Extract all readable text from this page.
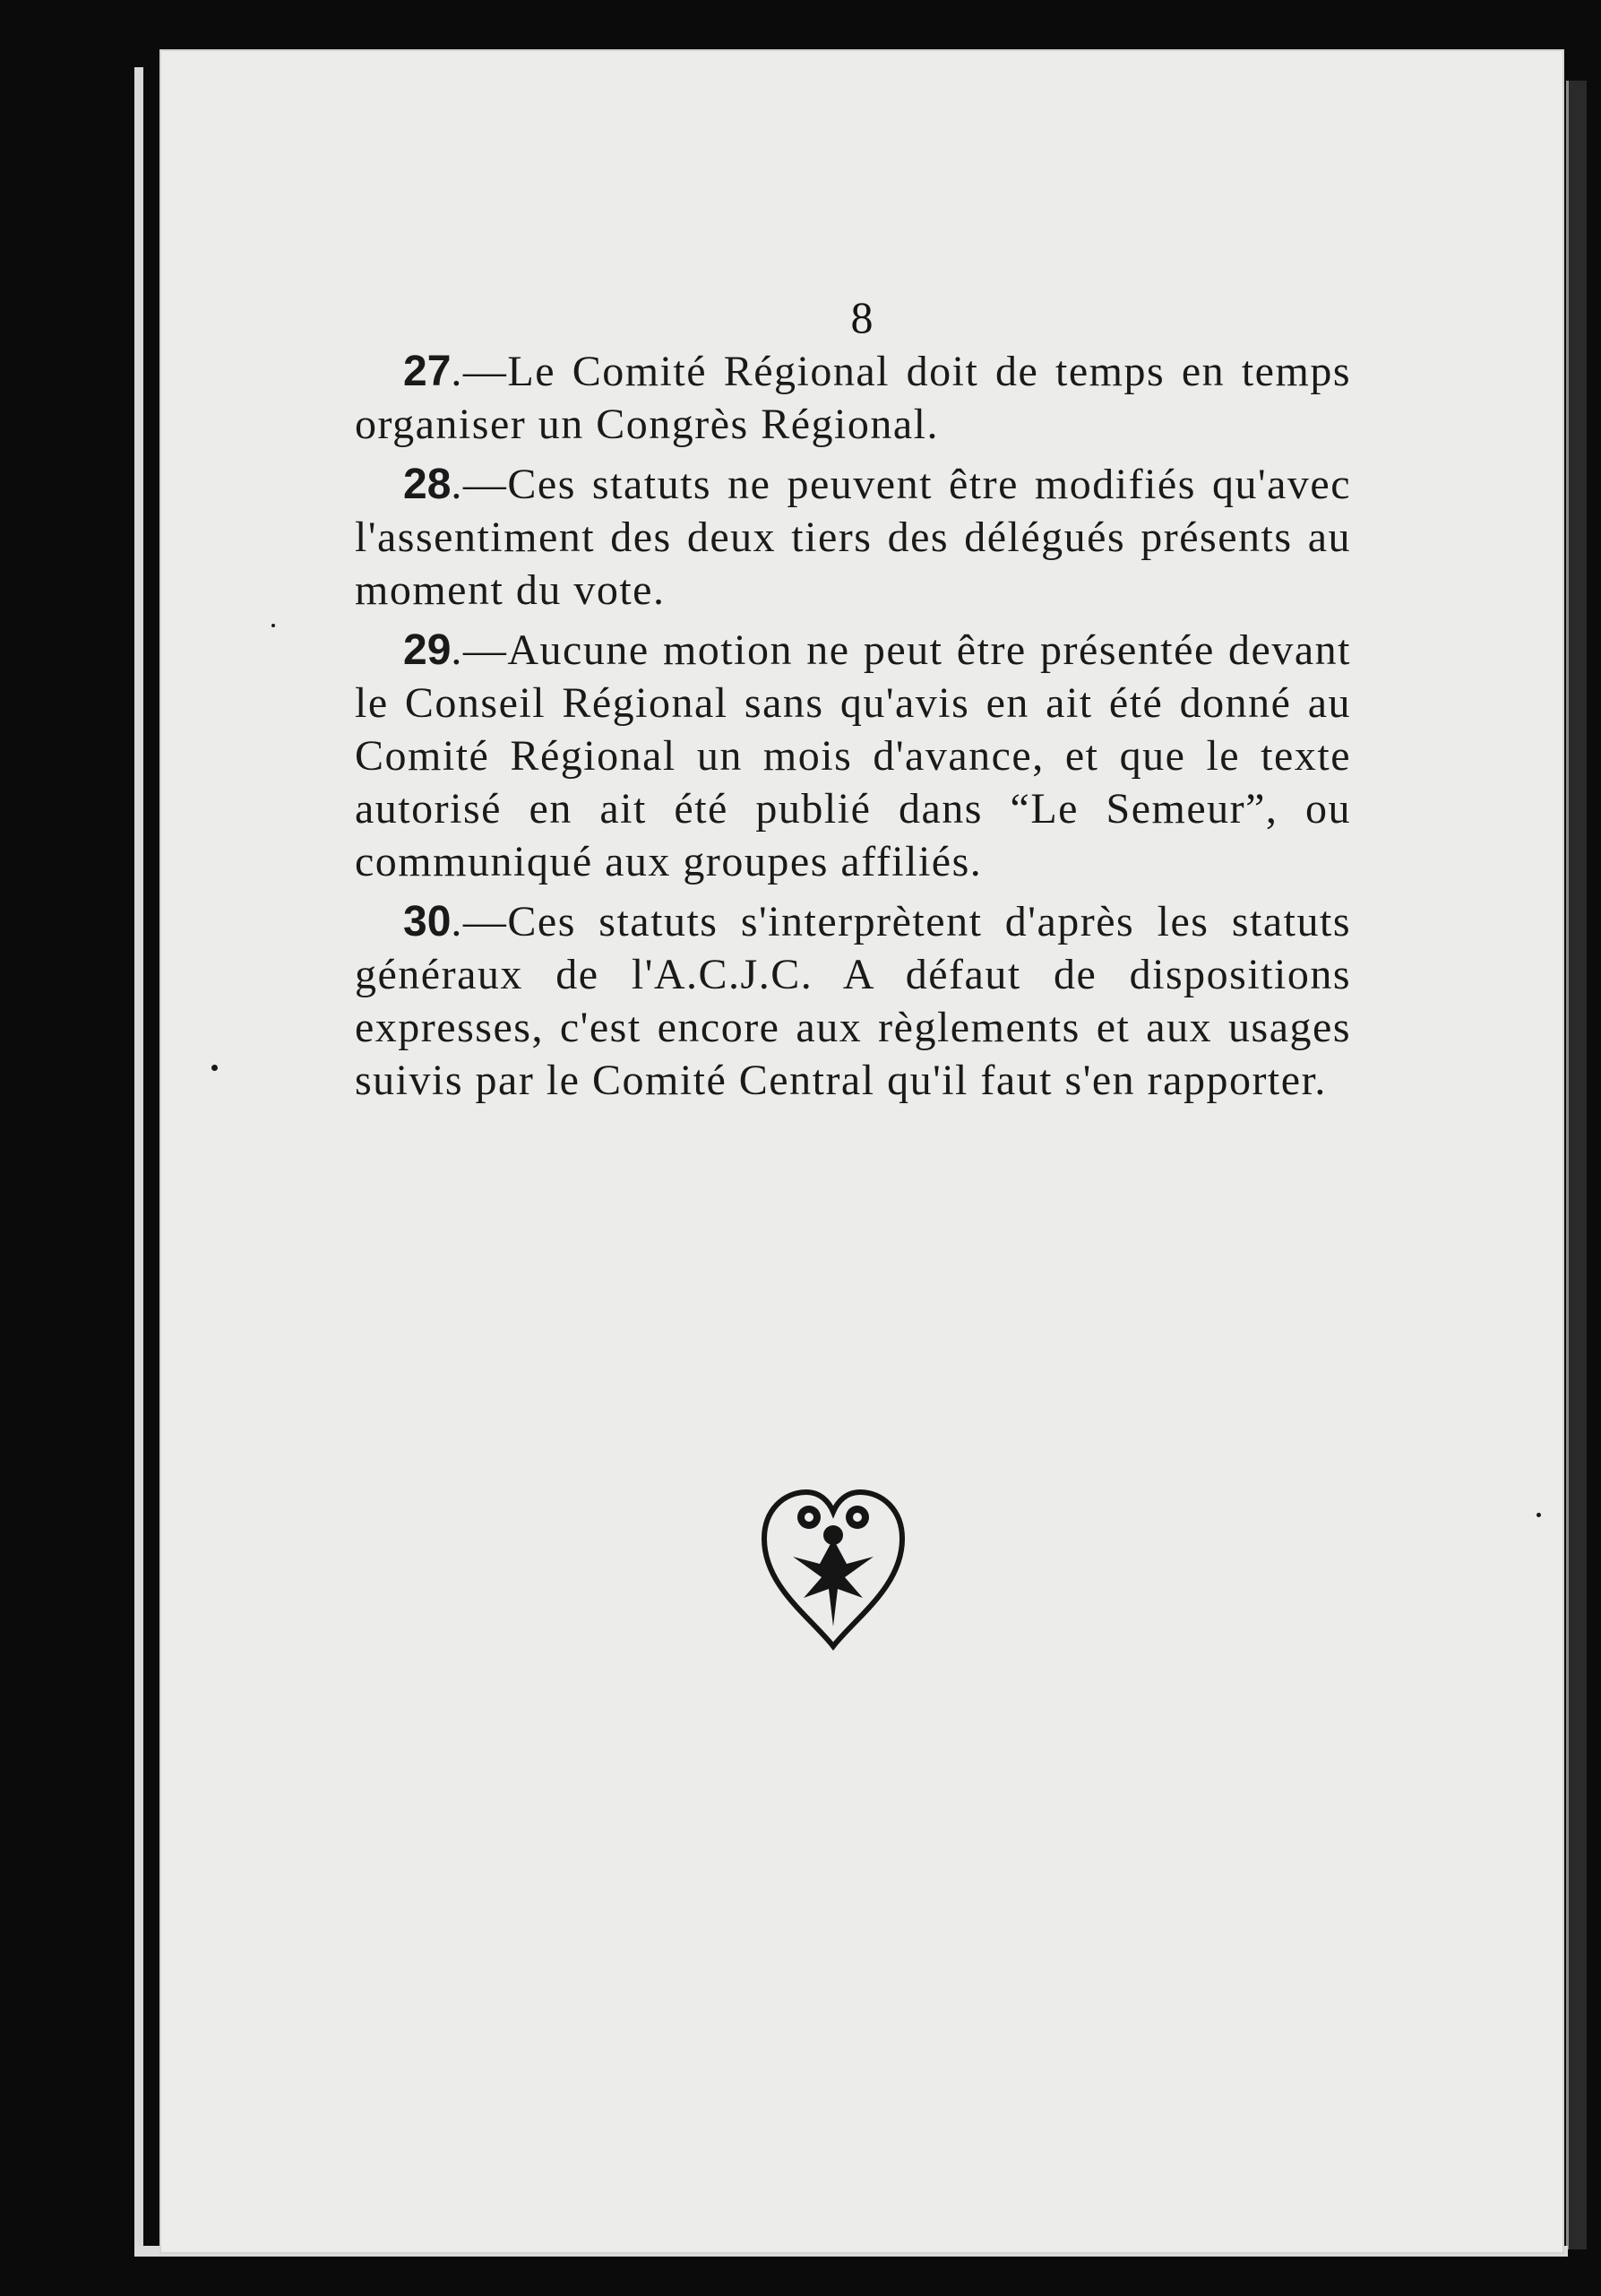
8

27.—Le Comité Régional doit de temps en temps organiser un Congrès Régional.

28.—Ces statuts ne peuvent être modifiés qu'avec l'assentiment des deux tiers des délégués présents au moment du vote.

29.—Aucune motion ne peut être présentée devant le Conseil Régional sans qu'avis en ait été donné au Comité Régional un mois d'avance, et que le texte autorisé en ait été publié dans “Le Semeur”, ou communiqué aux groupes affiliés.

30.—Ces statuts s'interprètent d'après les statuts généraux de l'A.C.J.C. A défaut de dispositions expresses, c'est encore aux règlements et aux usages suivis par le Comité Central qu'il faut s'en rapporter.
